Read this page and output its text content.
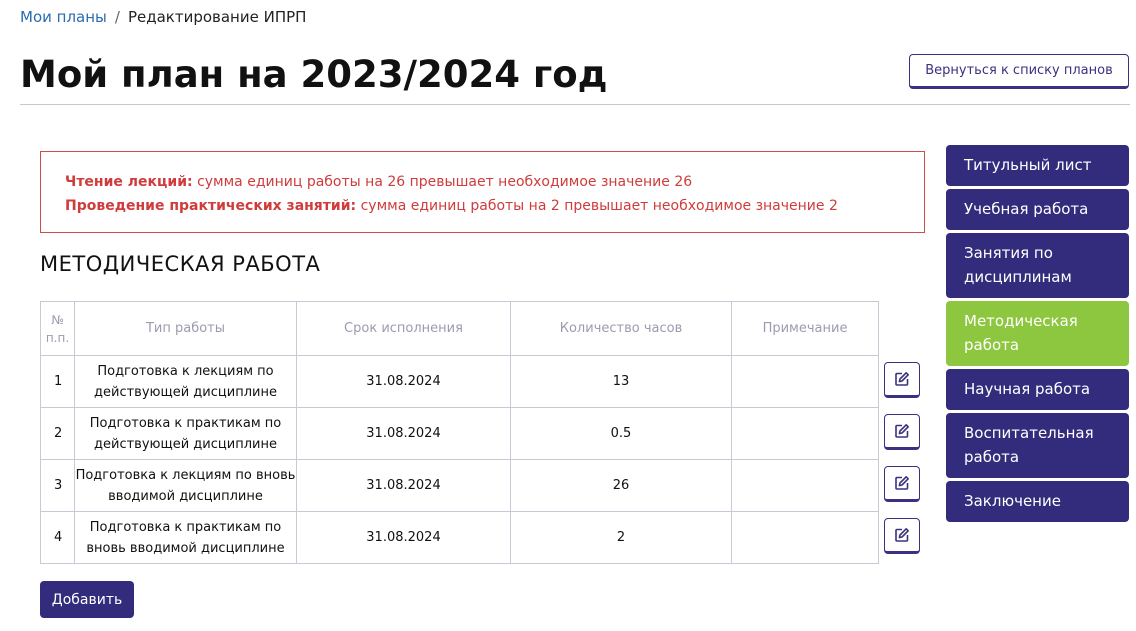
Мои планы / Редактирование ИПРП
Мой план на 2023/2024 год	Вернуться к списку планов
Чтение лекций: сумма единиц работы на 26 превышает необходимое значение 26
Проведение практических занятий: сумма единиц работы на 2 превышает необходимое значение 2
МЕТОДИЧЕСКАЯ РАБОТА
№
п.п.	Тип работы	Срок исполнения	Количество часов	Примечание
1	Подготовка к лекциям по действующей дисциплине	31.08.2024	13	
2	Подготовка к практикам по действующей дисциплине	31.08.2024	0.5	
3	Подготовка к лекциям по вновь вводимой дисциплине	31.08.2024	26	
4	Подготовка к практикам по вновь вводимой дисциплине	31.08.2024	2	
Добавить
Титульный лист
Учебная работа
Занятия по дисциплинам
Методическая работа
Научная работа
Воспитательная работа
Заключение
